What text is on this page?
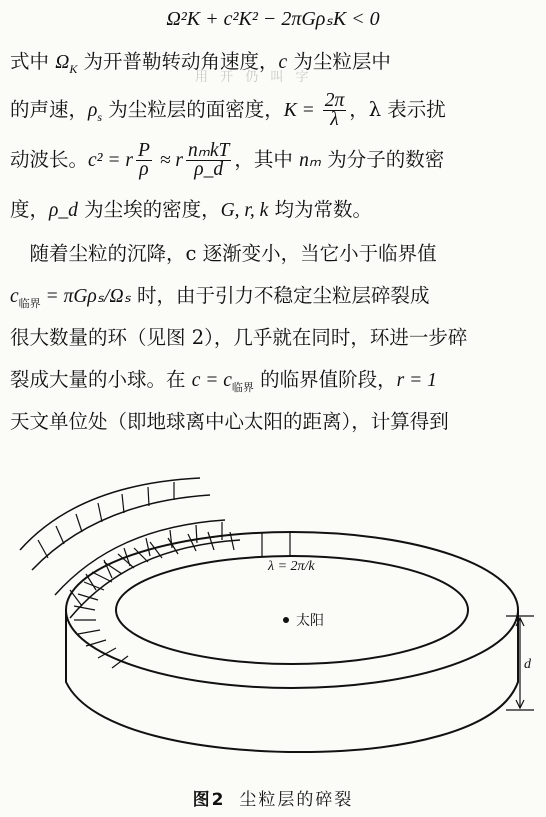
Ω²K + c²K² − 2πGρₛK < 0
用 开 仍 叫 字
式中 $\Omega_K$ 为开普勒转动角速度，c 为尘粒层中
的声速，$\rho_s$ 为尘粒层的面密度，$K = \frac{2\pi}{\lambda}$ ，λ 表示扰
动波长。c² = r $\frac{P}{\rho} \approx r \frac{\text{nₘkT}}{\rho\_d}$ ，其中 nₘ 为分子的数密
度，ρ_d 为尘埃的密度，G, r, k 均为常数。
　随着尘粒的沉降，c 逐渐变小，当它小于临界值
$c_{临界} = \pi G\rho_s/\Omega_s$ 时，由于引力不稳定尘粒层碎裂成
很大数量的环（见图 2），几乎就在同时，环进一步碎
裂成大量的小球。在 $c = c_{临界}$ 的临界值阶段，r = 1
天文单位处（即地球离中心太阳的距离），计算得到
λ = 2π/k
太阳
d
图2 尘粒层的碎裂
